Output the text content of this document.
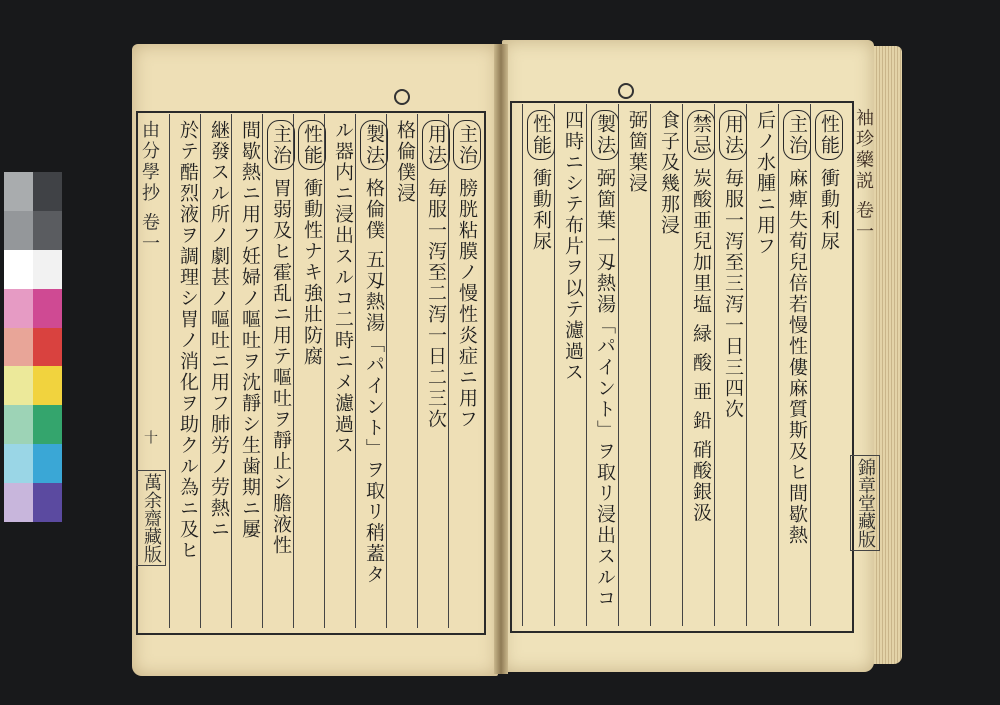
由分學抄 卷一
十
萬余齋藏版
主治
膀胱粘膜ノ慢性炎症ニ用フ
用法
毎服一泻至二泻一日二三次
格倫僕浸
製法
格倫僕 五刄熱湯「パイント」ヲ取リ稍蓋タ
ル器内ニ浸出スルコ二時ニメ濾過ス
性能
衝動性ナキ強壯防腐
主治
胃弱及ヒ霍乱ニ用テ嘔吐ヲ靜止シ膽液性
間歇熱ニ用フ妊婦ノ嘔吐ヲ沈靜シ生歯期ニ屢
継發スル所ノ劇甚ノ嘔吐ニ用フ肺労ノ劳熱ニ
於テ酷烈液ヲ調理シ胃ノ消化ヲ助クル為ニ及ヒ	袖珍藥説 卷一
錦章堂藏版
性能
衝動利尿
主治
麻痺失荀兒倍若慢性僂麻質斯及ヒ間歇熱
后ノ水腫ニ用フ
用法
毎服一泻至三泻一日三四次
禁忌
炭酸亜兒加里塩 緑 酸 亜 鉛 硝酸銀汲
食子及幾那浸
弼箇葉浸
製法
弼箇葉一刄熱湯「パイント」ヲ取リ浸出スルコ
四時ニシテ布片ヲ以テ濾過ス
性能
衝動利尿
